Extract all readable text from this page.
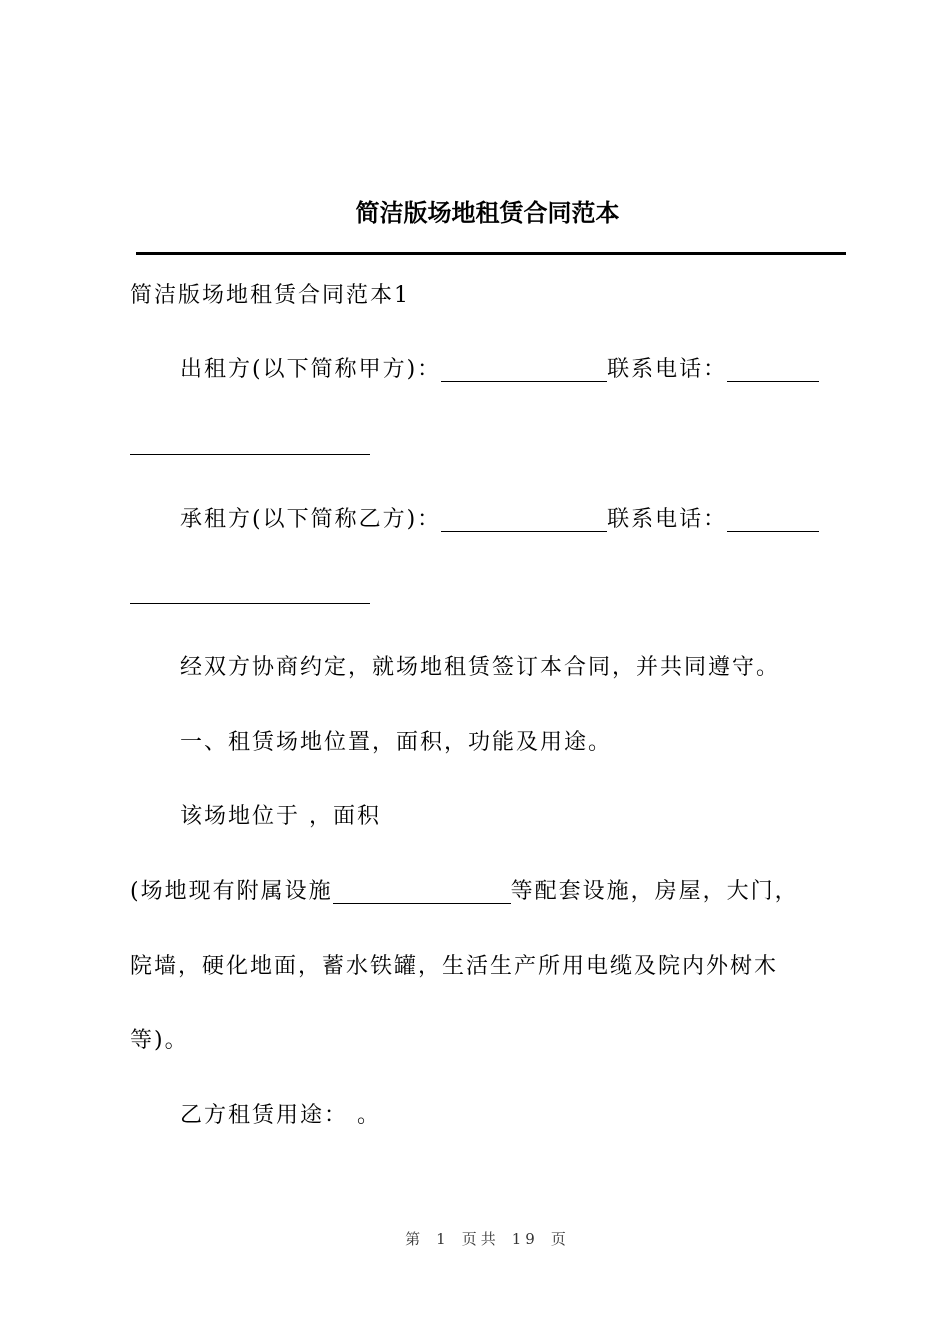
简洁版场地租赁合同范本
简洁版场地租赁合同范本1
出租方(以下简称甲方)：	联系电话：
承租方(以下简称乙方)：	联系电话：
经双方协商约定，就场地租赁签订本合同，并共同遵守。
一、租赁场地位置，面积，功能及用途。
该场地位于 ，面积
(场地现有附属设施	等配套设施，房屋，大门，
院墙，硬化地面，蓄水铁罐，生活生产所用电缆及院内外树木
等)。
乙方租赁用途： 。
第 1 页共 19 页
